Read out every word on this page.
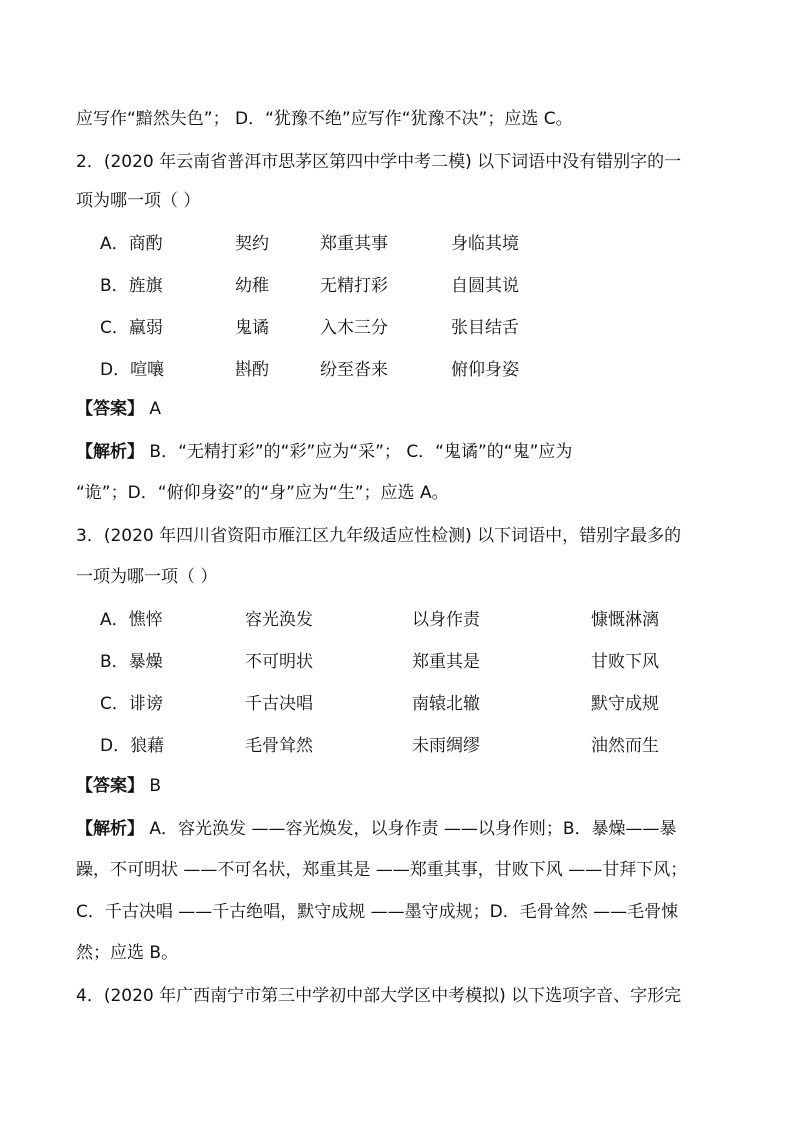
应写作“黯然失色”； D．“犹豫不绝”应写作“犹豫不决”；应选 C。
2．(2020 年云南省普洱市思茅区第四中学中考二模) 以下词语中没有错别字的一
项为哪一项（ ）
A．商酌	契约	郑重其事	身临其境
B．旌旗	幼稚	无精打彩	自圆其说
C．羸弱	鬼谲	入木三分	张目结舌
D．喧嚷	斟酌	纷至沓来	俯仰身姿
【答案】 A
【解析】 B．“无精打彩”的“彩”应为“采”； C．“鬼谲”的“鬼”应为
“诡”；D．“俯仰身姿”的“身”应为“生”；应选 A。
3．(2020 年四川省资阳市雁江区九年级适应性检测) 以下词语中，错别字最多的
一项为哪一项（ ）
A．憔悴	容光涣发	以身作责	慷慨淋漓
B．暴燥	不可明状	郑重其是	甘败下风
C．诽谤	千古决唱	南辕北辙	默守成规
D．狼藉	毛骨耸然	未雨绸缪	油然而生
【答案】 B
【解析】 A．容光涣发 ——容光焕发，以身作责 ——以身作则；B．暴燥——暴
躁，不可明状 ——不可名状，郑重其是 ——郑重其事，甘败下风 ——甘拜下风；
C．千古决唱 ——千古绝唱，默守成规 ——墨守成规；D．毛骨耸然 ——毛骨悚
然；应选 B。
4．(2020 年广西南宁市第三中学初中部大学区中考模拟) 以下选项字音、字形完
